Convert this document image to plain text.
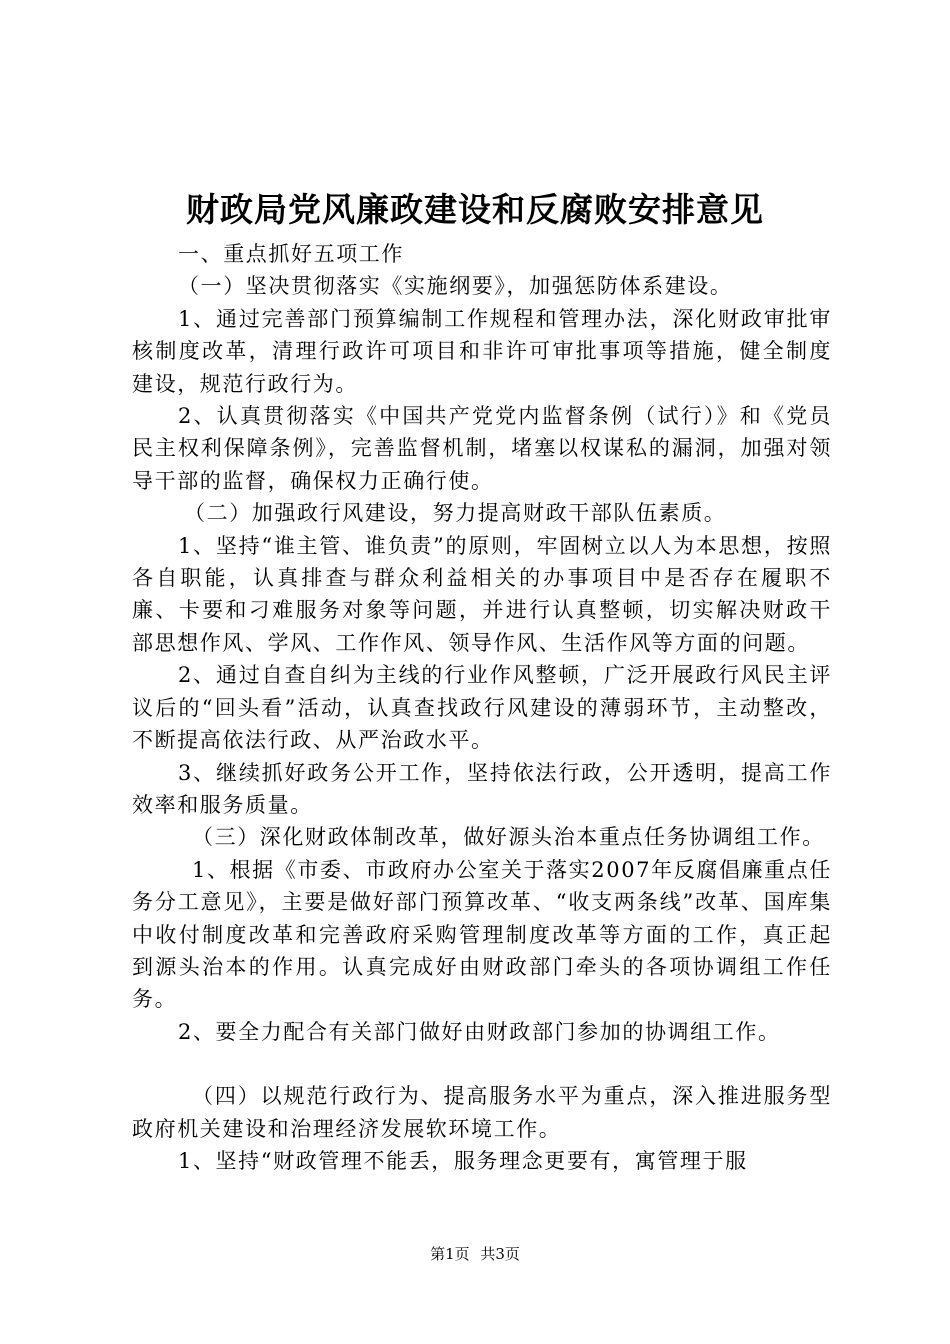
财政局党风廉政建设和反腐败安排意见

一、重点抓好五项工作

（一）坚决贯彻落实《实施纲要》，加强惩防体系建设。

1、通过完善部门预算编制工作规程和管理办法，深化财政审批审核制度改革，清理行政许可项目和非许可审批事项等措施，健全制度建设，规范行政行为。

2、认真贯彻落实《中国共产党党内监督条例（试行）》和《党员民主权利保障条例》，完善监督机制，堵塞以权谋私的漏洞，加强对领导干部的监督，确保权力正确行使。

（二）加强政行风建设，努力提高财政干部队伍素质。

1、坚持“谁主管、谁负责”的原则，牢固树立以人为本思想，按照各自职能，认真排查与群众利益相关的办事项目中是否存在履职不廉、卡要和刁难服务对象等问题，并进行认真整顿，切实解决财政干部思想作风、学风、工作作风、领导作风、生活作风等方面的问题。

2、通过自查自纠为主线的行业作风整顿，广泛开展政行风民主评议后的“回头看”活动，认真查找政行风建设的薄弱环节，主动整改，不断提高依法行政、从严治政水平。

3、继续抓好政务公开工作，坚持依法行政，公开透明，提高工作效率和服务质量。

（三）深化财政体制改革，做好源头治本重点任务协调组工作。

1、根据《市委、市政府办公室关于落实2007年反腐倡廉重点任务分工意见》，主要是做好部门预算改革、“收支两条线”改革、国库集中收付制度改革和完善政府采购管理制度改革等方面的工作，真正起到源头治本的作用。认真完成好由财政部门牵头的各项协调组工作任务。

2、要全力配合有关部门做好由财政部门参加的协调组工作。

（四）以规范行政行为、提高服务水平为重点，深入推进服务型政府机关建设和治理经济发展软环境工作。

1、坚持“财政管理不能丢，服务理念更要有，寓管理于服

第1页 共3页
